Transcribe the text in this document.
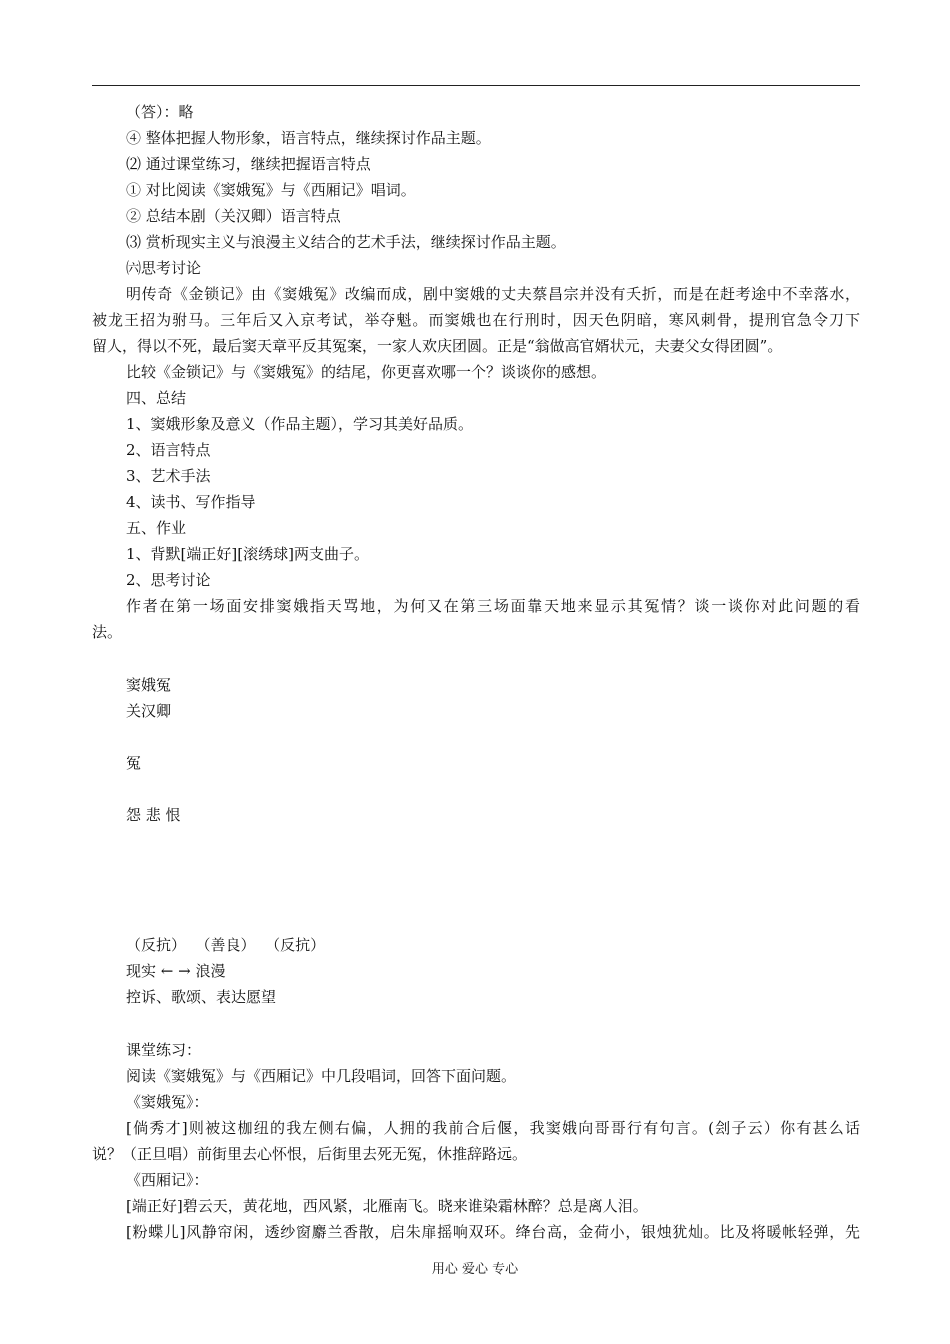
（答）：略
④ 整体把握人物形象，语言特点，继续探讨作品主题。
⑵ 通过课堂练习，继续把握语言特点
① 对比阅读《窦娥冤》与《西厢记》唱词。
② 总结本剧（关汉卿）语言特点
⑶ 赏析现实主义与浪漫主义结合的艺术手法，继续探讨作品主题。
㈥思考讨论
明传奇《金锁记》由《窦娥冤》改编而成，剧中窦娥的丈夫蔡昌宗并没有夭折，而是在赶考途中不幸落水，
被龙王招为驸马。三年后又入京考试，举夺魁。而窦娥也在行刑时，因天色阴暗，寒风刺骨，提刑官急令刀下
留人，得以不死，最后窦天章平反其冤案，一家人欢庆团圆。正是“翁做高官婿状元，夫妻父女得团圆”。
比较《金锁记》与《窦娥冤》的结尾，你更喜欢哪一个？谈谈你的感想。
四、总结
1、窦娥形象及意义（作品主题），学习其美好品质。
2、语言特点
3、艺术手法
4、读书、写作指导
五、作业
1、背默[端正好][滚绣球]两支曲子。
2、思考讨论
作者在第一场面安排窦娥指天骂地，为何又在第三场面靠天地来显示其冤情？谈一谈你对此问题的看
法。
窦娥冤
关汉卿
冤
怨 悲 恨
（反抗）  （善良）  （反抗）
现实 ← → 浪漫
控诉、歌颂、表达愿望
课堂练习：
阅读《窦娥冤》与《西厢记》中几段唱词，回答下面问题。
《窦娥冤》：
[倘秀才]则被这枷纽的我左侧右偏，人拥的我前合后偃，我窦娥向哥哥行有句言。(刽子云）你有甚么话
说？（正旦唱）前街里去心怀恨，后街里去死无冤，休推辞路远。
《西厢记》：
[端正好]碧云天，黄花地，西风紧，北雁南飞。晓来谁染霜林醉？总是离人泪。
[粉蝶儿]风静帘闲，透纱窗麝兰香散，启朱扉摇响双环。绛台高，金荷小，银烛犹灿。比及将暖帐轻弹，先
用心 爱心 专心
